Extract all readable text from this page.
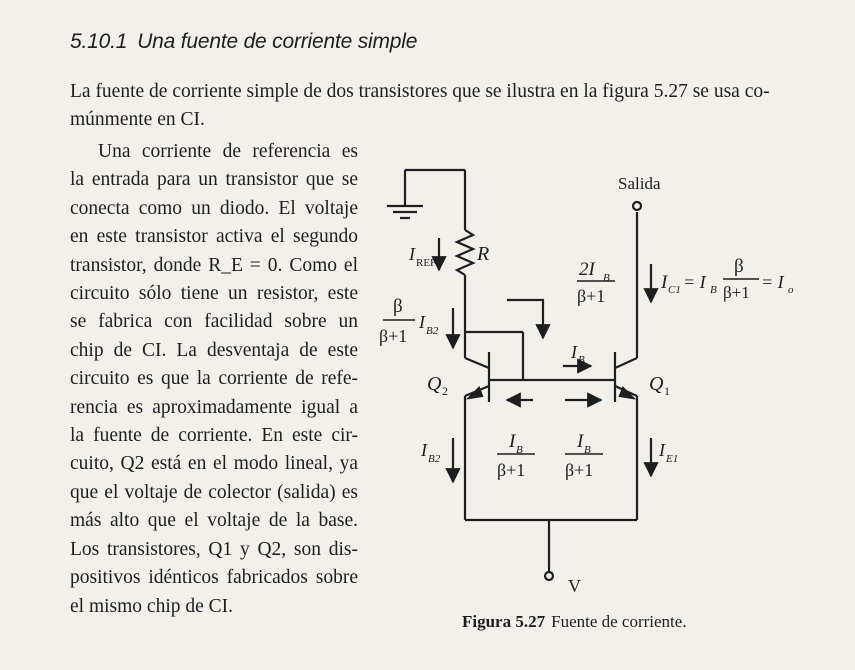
5.10.1 Una fuente de corriente simple
La fuente de corriente simple de dos transistores que se ilustra en la figura 5.27 se usa co-
múnmente en CI.

Una corriente de referencia es

la entrada para un transistor que se
conecta como un diodo. El voltaje
en este transistor activa el segundo
transistor, donde R_E = 0. Como el
circuito sólo tiene un resistor, este
se fabrica con facilidad sobre un
chip de CI. La desventaja de este
circuito es que la corriente de refe-
rencia es aproximadamente igual a
la fuente de corriente. En este cir-
cuito, Q2 está en el modo lineal, ya
que el voltaje de colector (salida) es
más alto que el voltaje de la base.
Los transistores, Q1 y Q2, son dis-
positivos idénticos fabricados sobre
el mismo chip de CI.
Salida
R
I REF
β
β+1
I B2
2I B
β+1
I B
Q 2	Q 1
I B2
I B
β+1
I B
β+1
I E1
I C1 = I B
β
β+1
= I o
V
Figura 5.27 Fuente de corriente.
